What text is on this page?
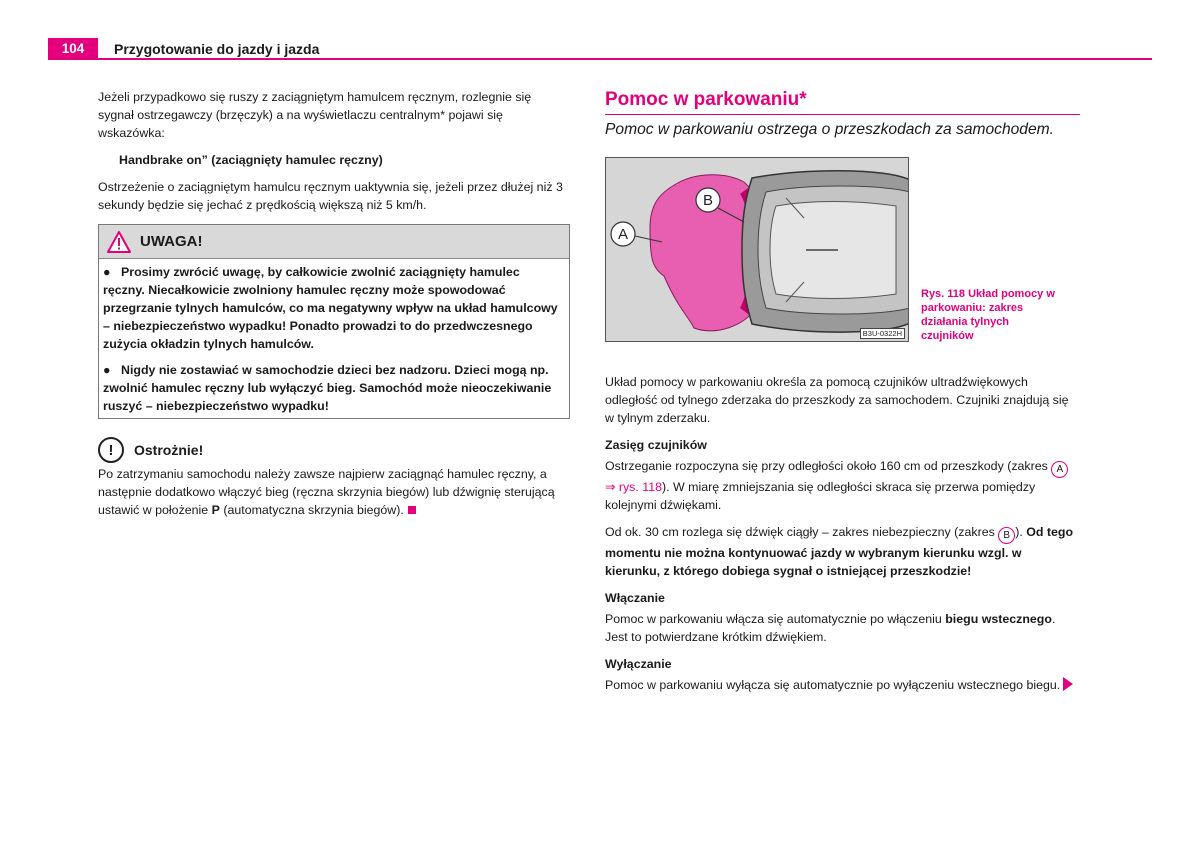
104	Przygotowanie do jazdy i jazda

Jeżeli przypadkowo się ruszy z zaciągniętym hamulcem ręcznym, rozlegnie się sygnał ostrzegawczy (brzęczyk) a na wyświetlaczu centralnym* pojawi się wskazówka:

Handbrake on” (zaciągnięty hamulec ręczny)

Ostrzeżenie o zaciągniętym hamulcu ręcznym uaktywnia się, jeżeli przez dłużej niż 3 sekundy będzie się jechać z prędkością większą niż 5 km/h.

UWAGA!
● Prosimy zwrócić uwagę, by całkowicie zwolnić zaciągnięty hamulec ręczny. Niecałkowicie zwolniony hamulec ręczny może spowodować przegrzanie tylnych hamulców, co ma negatywny wpływ na układ hamulcowy – niebezpieczeństwo wypadku! Ponadto prowadzi to do przedwczesnego zużycia okładzin tylnych hamulców.
● Nigdy nie zostawiać w samochodzie dzieci bez nadzoru. Dzieci mogą np. zwolnić hamulec ręczny lub wyłączyć bieg. Samochód może nieoczekiwanie ruszyć – niebezpieczeństwo wypadku!
!	Ostrożnie!

Po zatrzymaniu samochodu należy zawsze najpierw zaciągnąć hamulec ręczny, a następnie dodatkowo włączyć bieg (ręczna skrzynia biegów) lub dźwignię sterującą ustawić w położenie P (automatyczna skrzynia biegów).

Pomoc w parkowaniu*
Pomoc w parkowaniu ostrzega o przeszkodach za samochodem.
A
B
B3U-0322H
Rys. 118 Układ pomocy w parkowaniu: zakres działania tylnych czujników

Układ pomocy w parkowaniu określa za pomocą czujników ultradźwiękowych odległość od tylnego zderzaka do przeszkody za samochodem. Czujniki znajdują się w tylnym zderzaku.

Zasięg czujników

Ostrzeganie rozpoczyna się przy odległości około 160 cm od przeszkody (zakres A ⇒ rys. 118). W miarę zmniejszania się odległości skraca się przerwa pomiędzy kolejnymi dźwiękami.

Od ok. 30 cm rozlega się dźwięk ciągły – zakres niebezpieczny (zakres B ). Od tego momentu nie można kontynuować jazdy w wybranym kierunku wzgl. w kierunku, z którego dobiega sygnał o istniejącej przeszkodzie!

Włączanie

Pomoc w parkowaniu włącza się automatycznie po włączeniu biegu wstecznego. Jest to potwierdzane krótkim dźwiękiem.

Wyłączanie

Pomoc w parkowaniu wyłącza się automatycznie po wyłączeniu wstecznego biegu.
